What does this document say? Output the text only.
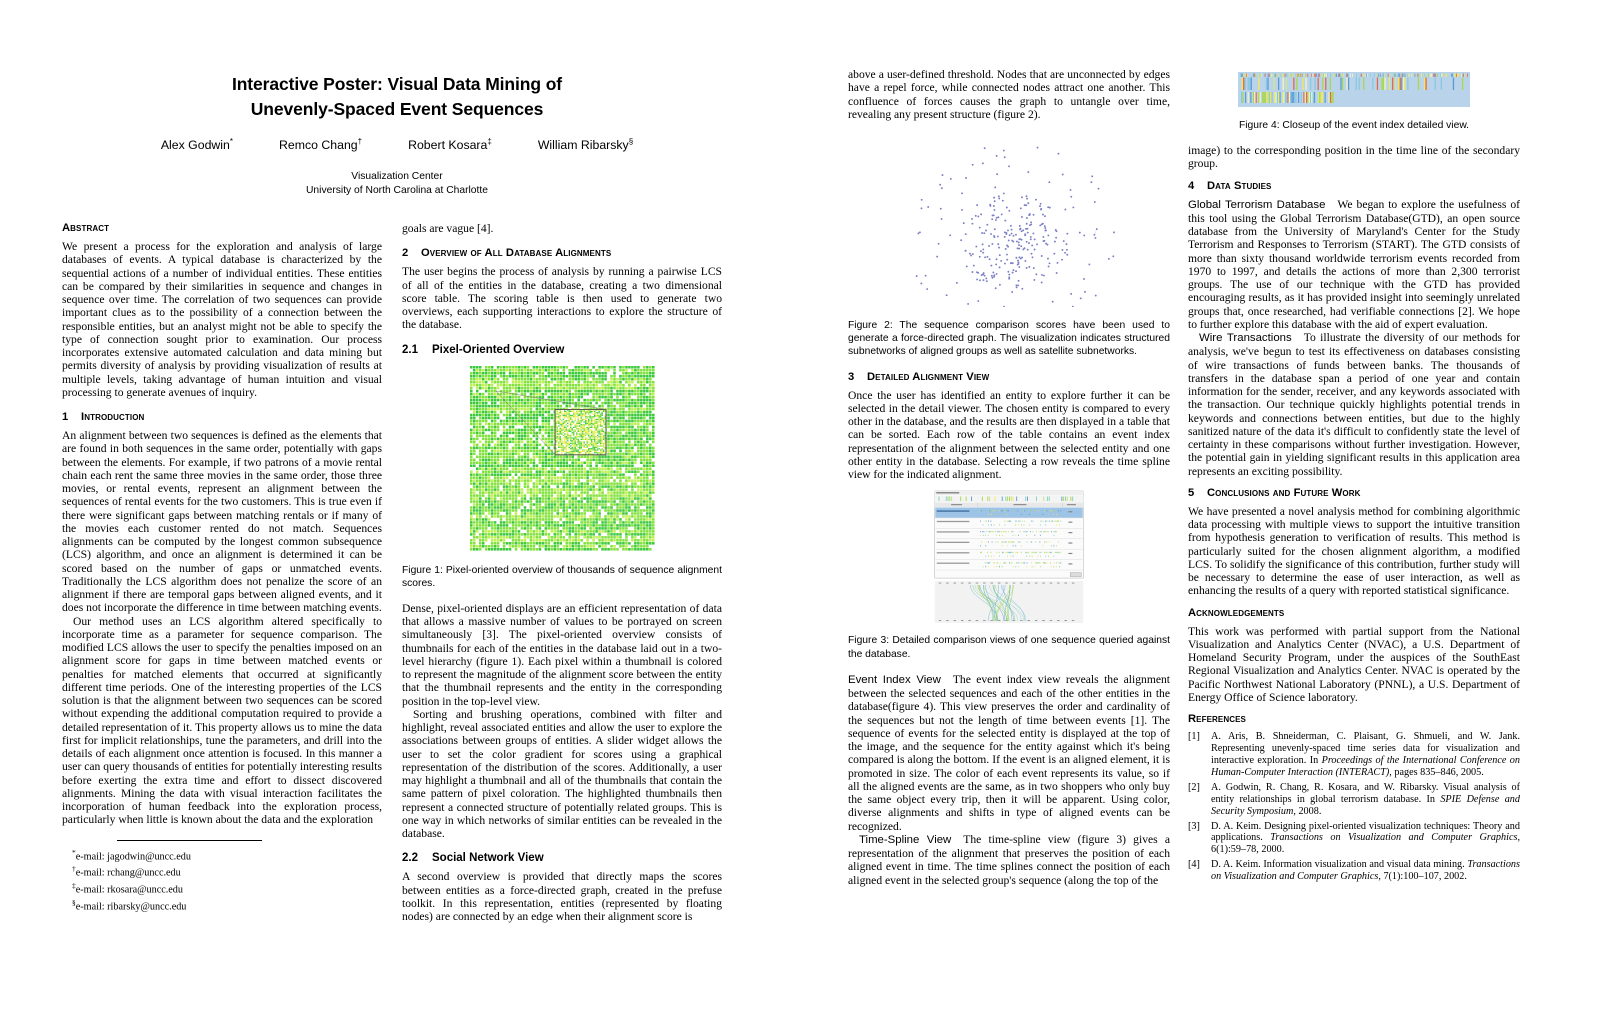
Interactive Poster: Visual Data Mining of
Unevenly-Spaced Event Sequences
Alex Godwin*	Remco Chang†	Robert Kosara‡	William Ribarsky§
Visualization Center
University of North Carolina at Charlotte
Abstract

We present a process for the exploration and analysis of large databases of events. A typical database is characterized by the sequential actions of a number of individual entities. These entities can be compared by their similarities in sequence and changes in sequence over time. The correlation of two sequences can provide important clues as to the possibility of a connection between the responsible entities, but an analyst might not be able to specify the type of connection sought prior to examination. Our process incorporates extensive automated calculation and data mining but permits diversity of analysis by providing visualization of results at multiple levels, taking advantage of human intuition and visual processing to generate avenues of inquiry.

1	Introduction

An alignment between two sequences is defined as the elements that are found in both sequences in the same order, potentially with gaps between the elements. For example, if two patrons of a movie rental chain each rent the same three movies in the same order, those three movies, or rental events, represent an alignment between the sequences of rental events for the two customers. This is true even if there were significant gaps between matching rentals or if many of the movies each customer rented do not match. Sequences alignments can be computed by the longest common subsequence (LCS) algorithm, and once an alignment is determined it can be scored based on the number of gaps or unmatched events. Traditionally the LCS algorithm does not penalize the score of an alignment if there are temporal gaps between aligned events, and it does not incorporate the difference in time between matching events.

Our method uses an LCS algorithm altered specifically to incorporate time as a parameter for sequence comparison. The modified LCS allows the user to specify the penalties imposed on an alignment score for gaps in time between matched events or penalties for matched elements that occurred at significantly different time periods. One of the interesting properties of the LCS solution is that the alignment between two sequences can be scored without expending the additional computation required to provide a detailed representation of it. This property allows us to mine the data first for implicit relationships, tune the parameters, and drill into the details of each alignment once attention is focused. In this manner a user can query thousands of entities for potentially interesting results before exerting the extra time and effort to dissect discovered alignments. Mining the data with visual interaction facilitates the incorporation of human feedback into the exploration process, particularly when little is known about the data and the exploration

*e-mail: jagodwin@uncc.edu
†e-mail: rchang@uncc.edu
‡e-mail: rkosara@uncc.edu
§e-mail: ribarsky@uncc.edu

goals are vague [4].

2	Overview of All Database Alignments

The user begins the process of analysis by running a pairwise LCS of all of the entities in the database, creating a two dimensional score table. The scoring table is then used to generate two overviews, each supporting interactions to explore the structure of the database.

2.1	Pixel-Oriented Overview

Figure 1: Pixel-oriented overview of thousands of sequence alignment scores.

Dense, pixel-oriented displays are an efficient representation of data that allows a massive number of values to be portrayed on screen simultaneously [3]. The pixel-oriented overview consists of thumbnails for each of the entities in the database laid out in a two-level hierarchy (figure 1). Each pixel within a thumbnail is colored to represent the magnitude of the alignment score between the entity that the thumbnail represents and the entity in the corresponding position in the top-level view.

Sorting and brushing operations, combined with filter and highlight, reveal associated entities and allow the user to explore the associations between groups of entities. A slider widget allows the user to set the color gradient for scores using a graphical representation of the distribution of the scores. Additionally, a user may highlight a thumbnail and all of the thumbnails that contain the same pattern of pixel coloration. The highlighted thumbnails then represent a connected structure of potentially related groups. This is one way in which networks of similar entities can be revealed in the database.

2.2	Social Network View

A second overview is provided that directly maps the scores between entities as a force-directed graph, created in the prefuse toolkit. In this representation, entities (represented by floating nodes) are connected by an edge when their alignment score is

above a user-defined threshold. Nodes that are unconnected by edges have a repel force, while connected nodes attract one another. This confluence of forces causes the graph to untangle over time, revealing any present structure (figure 2).

Figure 2: The sequence comparison scores have been used to generate a force-directed graph. The visualization indicates structured subnetworks of aligned groups as well as satellite subnetworks.

3	Detailed Alignment View

Once the user has identified an entity to explore further it can be selected in the detail viewer. The chosen entity is compared to every other in the database, and the results are then displayed in a table that can be sorted. Each row of the table contains an event index representation of the alignment between the selected entity and one other entity in the database. Selecting a row reveals the time spline view for the indicated alignment.

Figure 3: Detailed comparison views of one sequence queried against the database.

Event Index View The event index view reveals the alignment between the selected sequences and each of the other entities in the database(figure 4). This view preserves the order and cardinality of the sequences but not the length of time between events [1]. The sequence of events for the selected entity is displayed at the top of the image, and the sequence for the entity against which it's being compared is along the bottom. If the event is an aligned element, it is promoted in size. The color of each event represents its value, so if all the aligned events are the same, as in two shoppers who only buy the same object every trip, then it will be apparent. Using color, diverse alignments and shifts in type of aligned events can be recognized.

Time-Spline View The time-spline view (figure 3) gives a representation of the alignment that preserves the position of each aligned event in time. The time splines connect the position of each aligned event in the selected group's sequence (along the top of the

Figure 4: Closeup of the event index detailed view.

image) to the corresponding position in the time line of the secondary group.

4	Data Studies

Global Terrorism Database We began to explore the usefulness of this tool using the Global Terrorism Database(GTD), an open source database from the University of Maryland's Center for the Study Terrorism and Responses to Terrorism (START). The GTD consists of more than sixty thousand worldwide terrorism events recorded from 1970 to 1997, and details the actions of more than 2,300 terrorist groups. The use of our technique with the GTD has provided encouraging results, as it has provided insight into seemingly unrelated groups that, once researched, had verifiable connections [2]. We hope to further explore this database with the aid of expert evaluation.

Wire Transactions To illustrate the diversity of our methods for analysis, we've begun to test its effectiveness on databases consisting of wire transactions of funds between banks. The thousands of transfers in the database span a period of one year and contain information for the sender, receiver, and any keywords associated with the transaction. Our technique quickly highlights potential trends in keywords and connections between entities, but due to the highly sanitized nature of the data it's difficult to confidently state the level of certainty in these comparisons without further investigation. However, the potential gain in yielding significant results in this application area represents an exciting possibility.

5	Conclusions and Future Work

We have presented a novel analysis method for combining algorithmic data processing with multiple views to support the intuitive transition from hypothesis generation to verification of results. This method is particularly suited for the chosen alignment algorithm, a modified LCS. To solidify the significance of this contribution, further study will be necessary to determine the ease of user interaction, as well as enhancing the results of a query with reported statistical significance.

Acknowledgements

This work was performed with partial support from the National Visualization and Analytics Center (NVAC), a U.S. Department of Homeland Security Program, under the auspices of the SouthEast Regional Visualization and Analytics Center. NVAC is operated by the Pacific Northwest National Laboratory (PNNL), a U.S. Department of Energy Office of Science laboratory.

References
[1]	A. Aris, B. Shneiderman, C. Plaisant, G. Shmueli, and W. Jank. Representing unevenly-spaced time series data for visualization and interactive exploration. In Proceedings of the International Conference on Human-Computer Interaction (INTERACT), pages 835–846, 2005.
[2]	A. Godwin, R. Chang, R. Kosara, and W. Ribarsky. Visual analysis of entity relationships in global terrorism database. In SPIE Defense and Security Symposium, 2008.
[3]	D. A. Keim. Designing pixel-oriented visualization techniques: Theory and applications. Transactions on Visualization and Computer Graphics, 6(1):59–78, 2000.
[4]	D. A. Keim. Information visualization and visual data mining. Transactions on Visualization and Computer Graphics, 7(1):100–107, 2002.
